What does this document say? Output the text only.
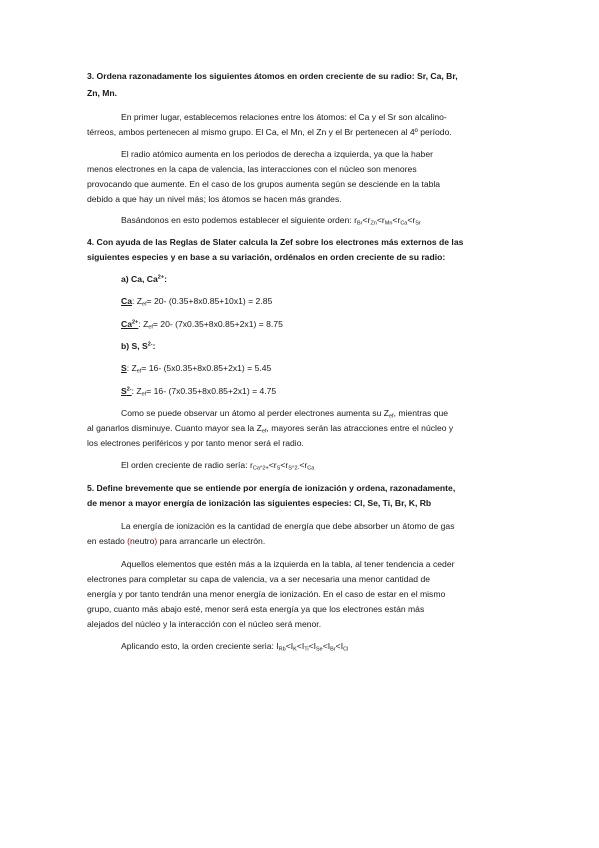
3. Ordena razonadamente los siguientes átomos en orden creciente de su radio: Sr, Ca, Br,
Zn, Mn.
En primer lugar, establecemos relaciones entre los átomos: el Ca y el Sr son alcalino-
térreos, ambos pertenecen al mismo grupo. El Ca, el Mn, el Zn y el Br pertenecen al 4º período.
El radio atómico aumenta en los periodos de derecha a izquierda, ya que la haber
menos electrones en la capa de valencia, las interacciones con el núcleo son menores
provocando que aumente. En el caso de los grupos aumenta según se desciende en la tabla
debido a que hay un nivel más; los átomos se hacen más grandes.
Basándonos en esto podemos establecer el siguiente orden: $r_{Br}<r_{Zn}<r_{Mn}<r_{Ca}<r_{Sr}$
4. Con ayuda de las Reglas de Slater calcula la Zef sobre los electrones más externos de las
siguientes especies y en base a su variación, ordénalos en orden creciente de su radio:
a) Ca, $Ca^{2+}$:
Ca: $Z_{ef}= 20-$ (0.35+8x0.85+10x1) = 2.85
$Ca^{2+}$: $Z_{ef}= 20-$ (7x0.35+8x0.85+2x1) = 8.75
b) S, $S^{2-}$:
S: $Z_{ef}= 16-$ (5x0.35+8x0.85+2x1) = 5.45
$S^{2-}$: $Z_{ef}= 16-$ (7x0.35+8x0.85+2x1) = 4.75
Como se puede observar un átomo al perder electrones aumenta su $Z_{ef}$, mientras que
al ganarlos disminuye. Cuanto mayor sea la $Z_{ef}$, mayores serán las atracciones entre el núcleo y
los electrones periféricos y por tanto menor será el radio.
El orden creciente de radio sería: $r_{Ca\^{}2+}<r_S<r_{S\^{}2-}<r_{Ca}$
5. Define brevemente que se entiende por energía de ionización y ordena, razonadamente,
de menor a mayor energía de ionización las siguientes especies: Cl, Se, Ti, Br, K, Rb
La energía de ionización es la cantidad de energía que debe absorber un átomo de gas
en estado (neutro) para arrancarle un electrón.
Aquellos elementos que estén más a la izquierda en la tabla, al tener tendencia a ceder
electrones para completar su capa de valencia, va a ser necesaria una menor cantidad de
energía y por tanto tendrán una menor energía de ionización. En el caso de estar en el mismo
grupo, cuanto más abajo esté, menor será esta energía ya que los electrones están más
alejados del núcleo y la interacción con el núcleo será menor.
Aplicando esto, la orden creciente seria: $I_{Rb}<I_K<I_{Ti}<I_{Se}<I_{Br}<I_{Cl}$
